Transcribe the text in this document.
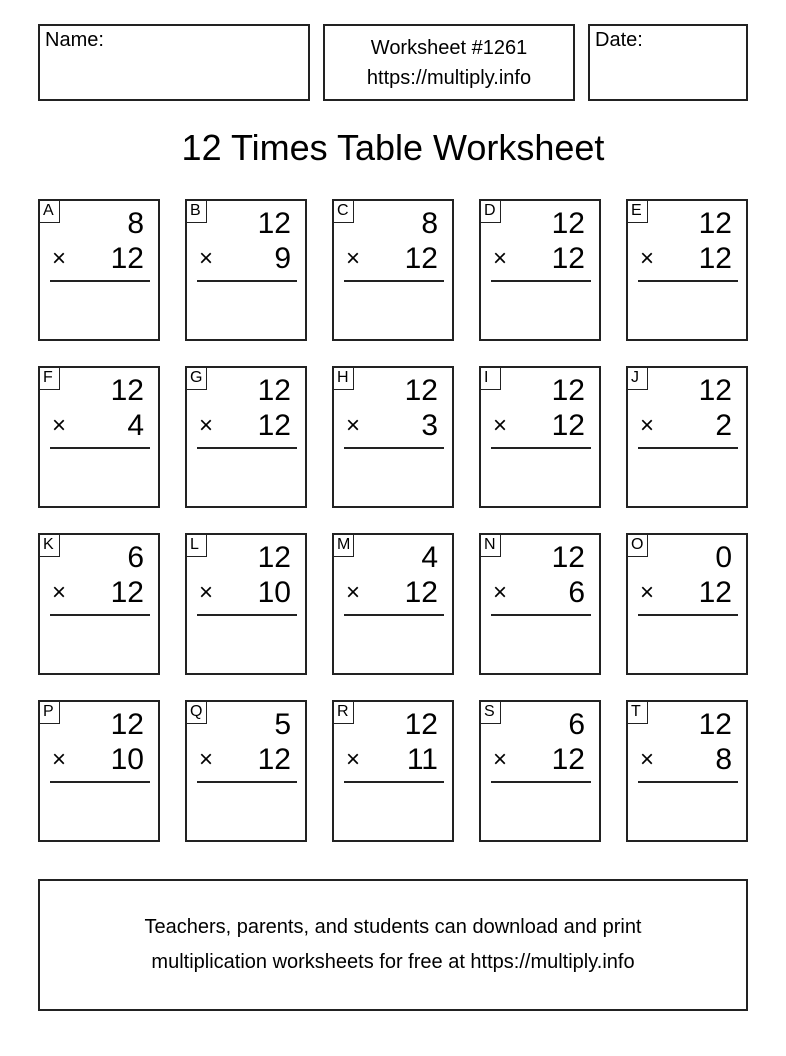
Name:	Worksheet #1261
https://multiply.info
Date:
12 Times Table Worksheet
A 8
× 12
B 12
× 9
C 8
× 12
D 12
× 12
E 12
× 12
F 12
× 4
G 12
× 12
H 12
× 3
I	12
× 12
J	12
× 2
K 6
× 12
L 12
× 10
M 4
× 12
N 12
× 6
O 0
× 12
P 12
× 10
Q 5
× 12
R 12
× 11
S 6
× 12
T 12
× 8
Teachers, parents, and students can download and print
multiplication worksheets for free at https://multiply.info
